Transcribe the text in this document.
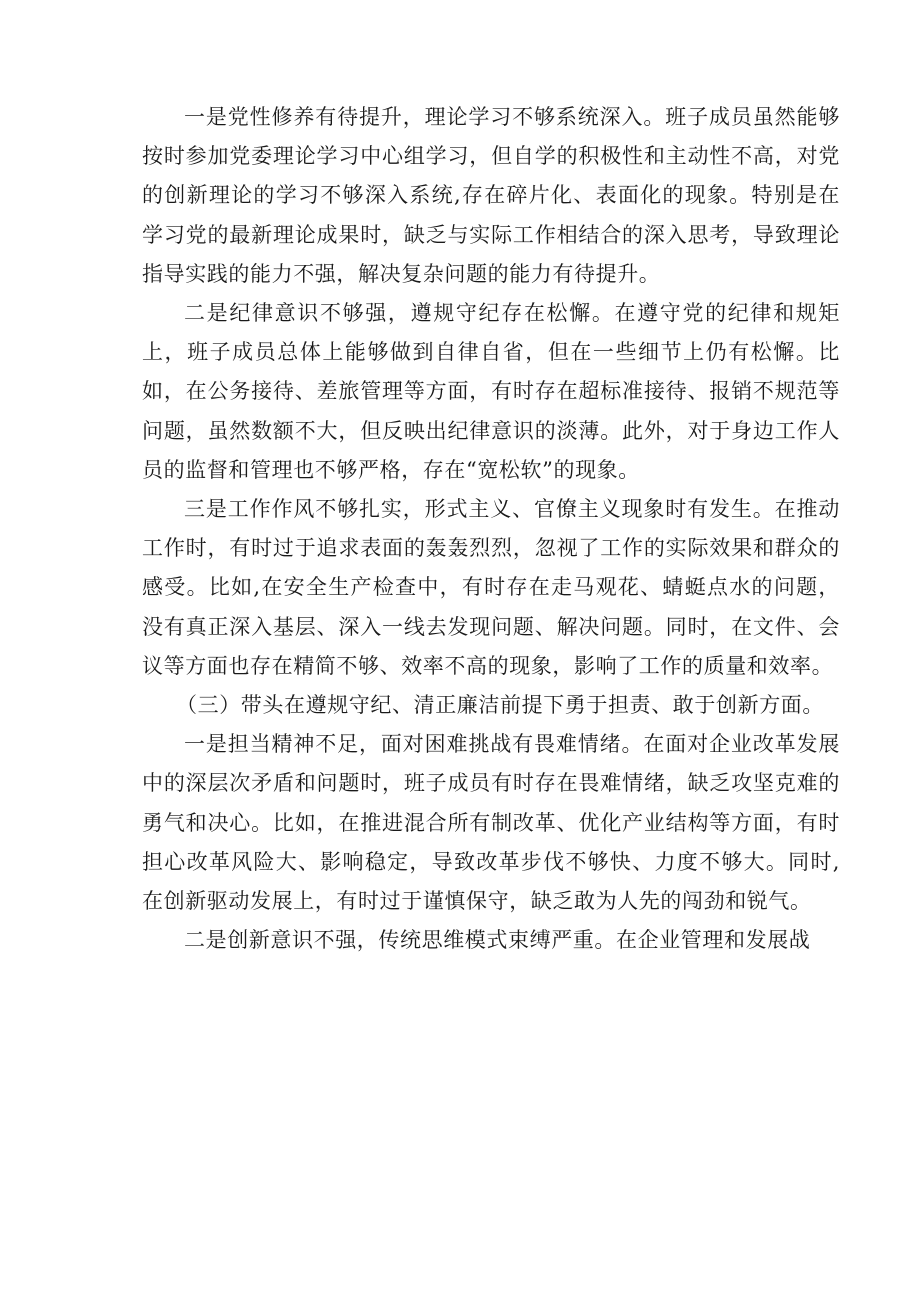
一是党性修养有待提升，理论学习不够系统深入。班子成员虽然能够按时参加党委理论学习中心组学习，但自学的积极性和主动性不高，对党的创新理论的学习不够深入系统,存在碎片化、表面化的现象。特别是在学习党的最新理论成果时，缺乏与实际工作相结合的深入思考，导致理论指导实践的能力不强，解决复杂问题的能力有待提升。

二是纪律意识不够强，遵规守纪存在松懈。在遵守党的纪律和规矩上，班子成员总体上能够做到自律自省，但在一些细节上仍有松懈。比如，在公务接待、差旅管理等方面，有时存在超标准接待、报销不规范等问题，虽然数额不大，但反映出纪律意识的淡薄。此外，对于身边工作人员的监督和管理也不够严格，存在“宽松软”的现象。

三是工作作风不够扎实，形式主义、官僚主义现象时有发生。在推动工作时，有时过于追求表面的轰轰烈烈，忽视了工作的实际效果和群众的感受。比如,在安全生产检查中，有时存在走马观花、蜻蜓点水的问题，没有真正深入基层、深入一线去发现问题、解决问题。同时，在文件、会议等方面也存在精简不够、效率不高的现象，影响了工作的质量和效率。

（三）带头在遵规守纪、清正廉洁前提下勇于担责、敢于创新方面。

一是担当精神不足，面对困难挑战有畏难情绪。在面对企业改革发展中的深层次矛盾和问题时，班子成员有时存在畏难情绪，缺乏攻坚克难的勇气和决心。比如，在推进混合所有制改革、优化产业结构等方面，有时担心改革风险大、影响稳定，导致改革步伐不够快、力度不够大。同时,在创新驱动发展上，有时过于谨慎保守，缺乏敢为人先的闯劲和锐气。

二是创新意识不强，传统思维模式束缚严重。在企业管理和发展战
